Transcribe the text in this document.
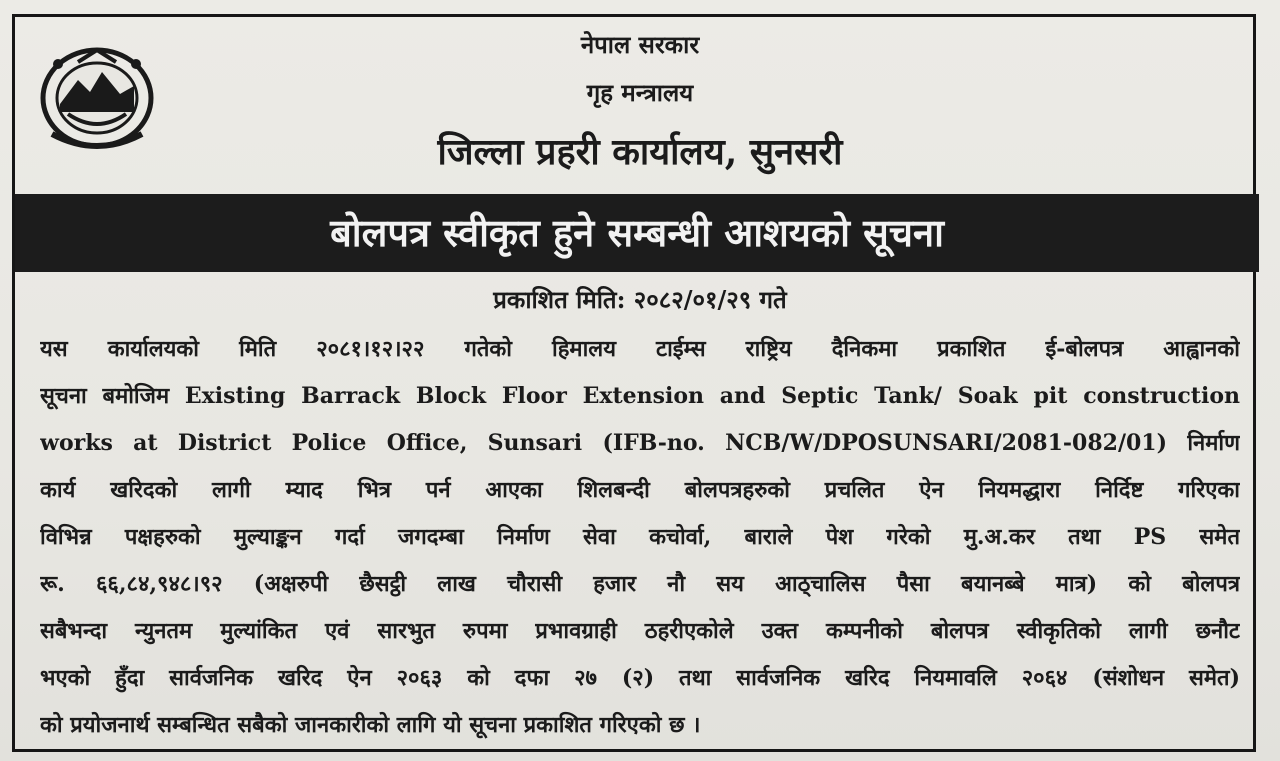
नेपाल सरकार
गृह मन्त्रालय
जिल्ला प्रहरी कार्यालय, सुनसरी
बोलपत्र स्वीकृत हुने सम्बन्धी आशयको सूचना
प्रकाशित मिति: २०८२/०१/२९ गते
यस कार्यालयको मिति २०८१।१२।२२ गतेको हिमालय टाईम्स राष्ट्रिय दैनिकमा प्रकाशित ई-बोलपत्र आह्वानको
सूचना बमोजिम Existing Barrack Block Floor Extension and Septic Tank/ Soak pit construction
works at District Police Office, Sunsari (IFB-no. NCB/W/DPOSUNSARI/2081-082/01) निर्माण
कार्य खरिदको लागी म्याद भित्र पर्न आएका शिलबन्दी बोलपत्रहरुको प्रचलित ऐन नियमद्धारा निर्दिष्ट गरिएका
विभिन्न पक्षहरुको मुल्याङ्कन गर्दा जगदम्बा निर्माण सेवा कचोर्वा, बाराले पेश गरेको मु.अ.कर तथा PS समेत
रू. ६६,८४,९४८।९२ (अक्षरुपी छैसट्ठी लाख चौरासी हजार नौ सय आठ्चालिस पैसा बयानब्बे मात्र) को बोलपत्र
सबैभन्दा न्युनतम मुल्यांकित एवं सारभुत रुपमा प्रभावग्राही ठहरीएकोले उक्त कम्पनीको बोलपत्र स्वीकृतिको लागी छनौट
भएको हुँदा सार्वजनिक खरिद ऐन २०६३ को दफा २७ (२) तथा सार्वजनिक खरिद नियमावलि २०६४ (संशोधन समेत)
को प्रयोजनार्थ सम्बन्धित सबैको जानकारीको लागि यो सूचना प्रकाशित गरिएको छ ।
